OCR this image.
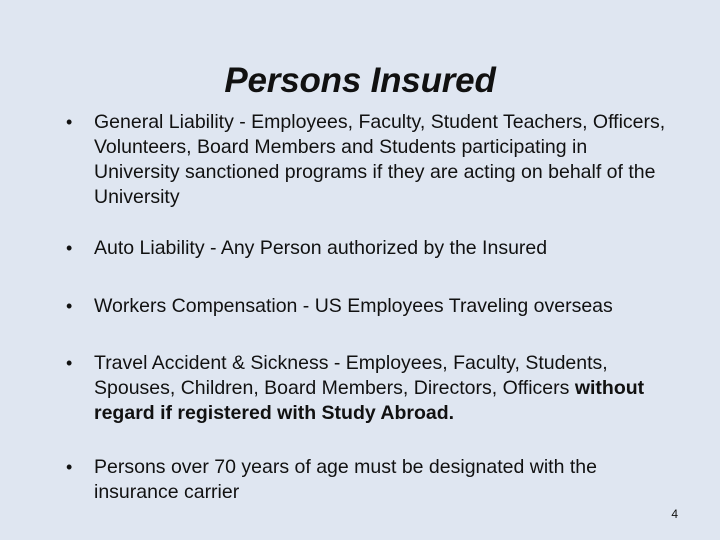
Persons Insured
•	General Liability - Employees, Faculty, Student Teachers, Officers, Volunteers, Board Members and Students participating in University sanctioned programs if they are acting on behalf of the University
•	Auto Liability - Any Person authorized by the Insured
•	Workers Compensation - US Employees Traveling overseas
•	Travel Accident & Sickness - Employees, Faculty, Students, Spouses, Children, Board Members, Directors, Officers without regard if registered with Study Abroad.
•	Persons over 70 years of age must be designated with the insurance carrier
4
